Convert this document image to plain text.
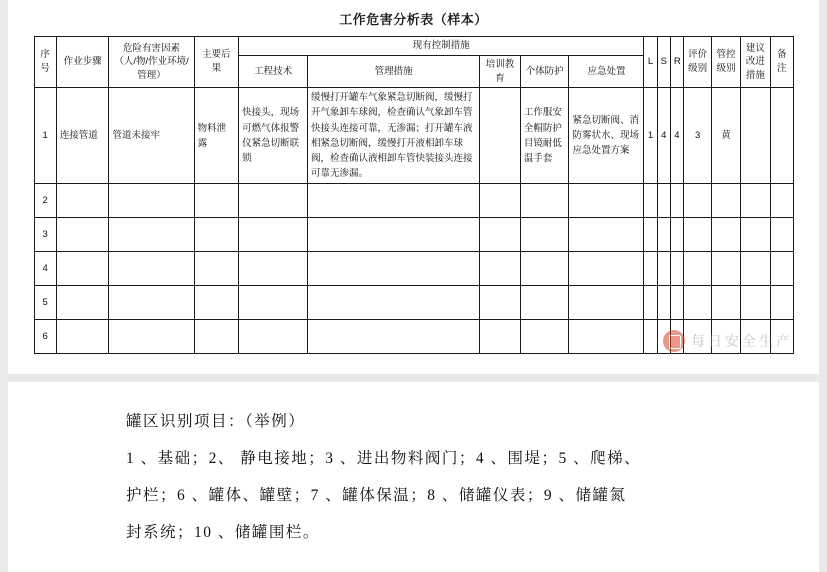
工作危害分析表（样本）
序号	作业步骤	危险有害因素（人/物/作业环境/管理）	主要后果	现有控制措施					L	S	R	评价级别	管控级别	建议改进措施	备注
				工程技术	管理措施	培训教育	个体防护	应急处置							
1	连接管道	管道未接牢	物料泄露	快接头，现场可燃气体报警仪紧急切断联锁	缓慢打开罐车气象紧急切断阀，缓慢打开气象卸车球阀，检查确认气象卸车管快接头连接可靠，无渗漏；打开罐车液相紧急切断阀，缓慢打开液相卸车球阀，检查确认液相卸车管快装接头连接可靠无渗漏。		工作服安全帽防护目镜耐低温手套	紧急切断阀、消防雾状水、现场应急处置方案	1	4	4	3	黄		
2															
3															
4															
5															
6																每日安全生产

罐区识别项目：（举例）

1 、基础；2、 静电接地；3 、进出物料阀门；4 、围堤；5 、爬梯、

护栏；6 、罐体、罐壁；7 、罐体保温；8 、储罐仪表；9 、储罐氮

封系统；10 、储罐围栏。
